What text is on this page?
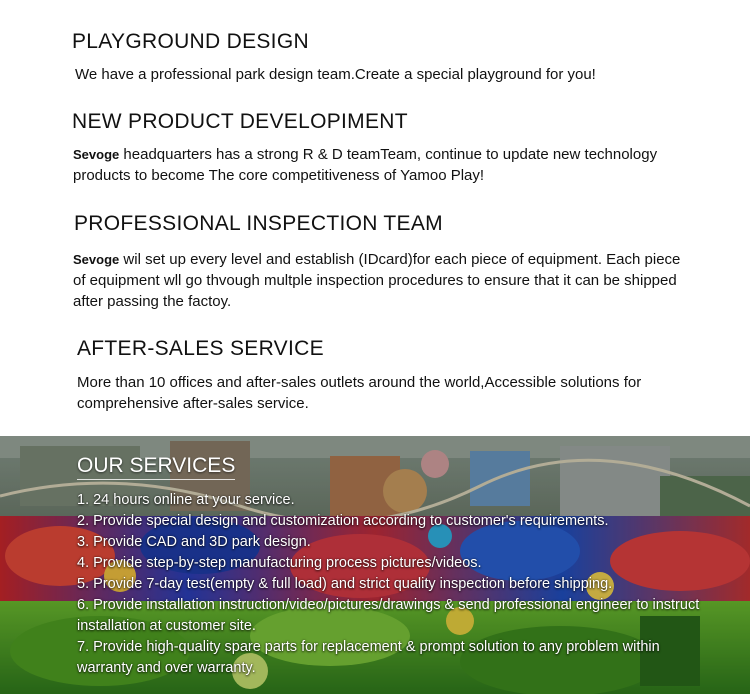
PLAYGROUND DESIGN
We have a professional park design team.Create a special playground for you!
NEW PRODUCT DEVELOPIMENT
Sevoge headquarters has a strong R & D teamTeam, continue to update new technology products to become The core competitiveness of Yamoo Play!
PROFESSIONAL INSPECTION TEAM
Sevoge wil set up every level and establish (IDcard)for each piece of equipment. Each piece of equipment wll go thvough multple inspection procedures to ensure that it can be shipped after passing the factoy.
AFTER-SALES SERVICE
More than 10 offices and after-sales outlets around the world,Accessible solutions for comprehensive after-sales service.
OUR SERVICES
1. 24 hours online at your service.
2. Provide special design and customization according to customer's requirements.
3. Provide CAD and 3D park design.
4. Provide step-by-step manufacturing process pictures/videos.
5. Provide 7-day test(empty & full load) and strict quality inspection before shipping.
6. Provide installation instruction/video/pictures/drawings & send professional engineer to instruct installation at customer site.
7. Provide high-quality spare parts for replacement & prompt solution to any problem within warranty and over warranty.
